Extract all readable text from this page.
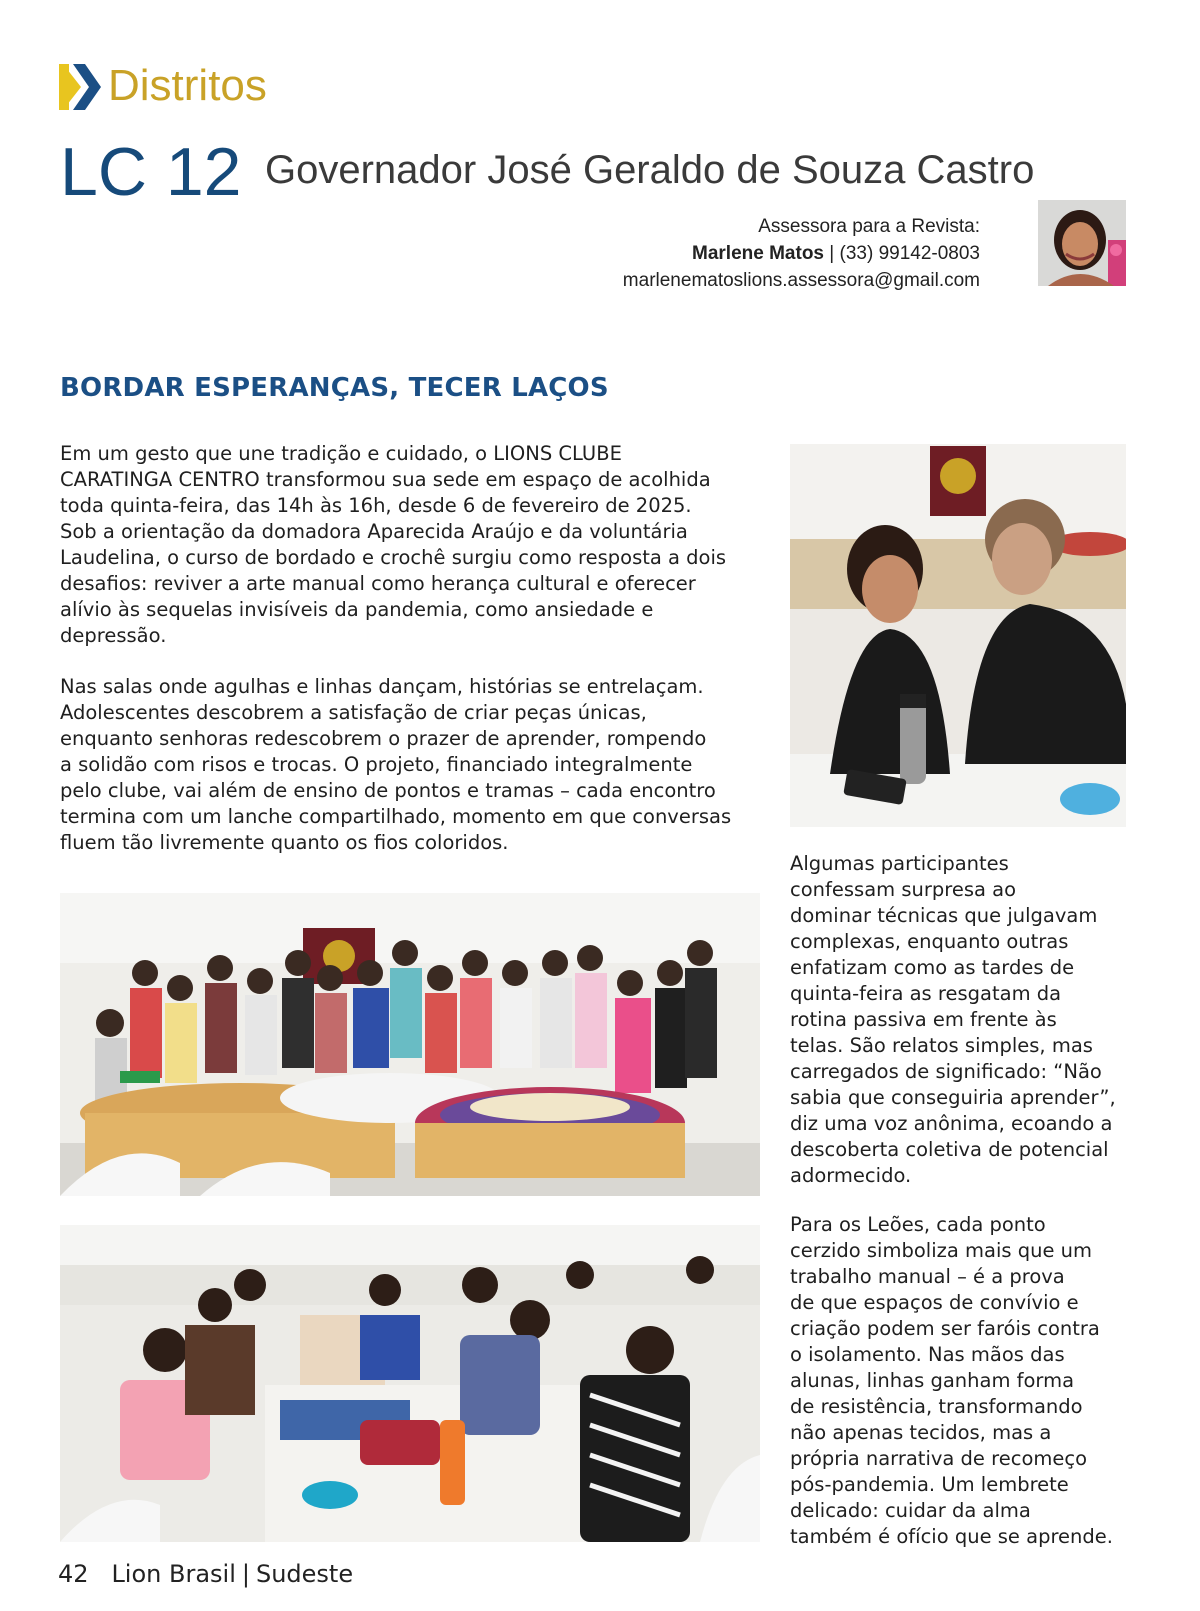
Distritos
LC 12 Governador José Geraldo de Souza Castro
Assessora para a Revista:
Marlene Matos | (33) 99142-0803
marlenematoslions.assessora@gmail.com
BORDAR ESPERANÇAS, TECER LAÇOS
Em um gesto que une tradição e cuidado, o LIONS CLUBE
CARATINGA CENTRO transformou sua sede em espaço de acolhida
toda quinta-feira, das 14h às 16h, desde 6 de fevereiro de 2025.
Sob a orientação da domadora Aparecida Araújo e da voluntária
Laudelina, o curso de bordado e crochê surgiu como resposta a dois
desafios: reviver a arte manual como herança cultural e oferecer
alívio às sequelas invisíveis da pandemia, como ansiedade e
depressão.
Nas salas onde agulhas e linhas dançam, histórias se entrelaçam.
Adolescentes descobrem a satisfação de criar peças únicas,
enquanto senhoras redescobrem o prazer de aprender, rompendo
a solidão com risos e trocas. O projeto, financiado integralmente
pelo clube, vai além de ensino de pontos e tramas – cada encontro
termina com um lanche compartilhado, momento em que conversas
fluem tão livremente quanto os fios coloridos.
Algumas participantes
confessam surpresa ao
dominar técnicas que julgavam
complexas, enquanto outras
enfatizam como as tardes de
quinta-feira as resgatam da
rotina passiva em frente às
telas. São relatos simples, mas
carregados de significado: “Não
sabia que conseguiria aprender”,
diz uma voz anônima, ecoando a
descoberta coletiva de potencial
adormecido.
Para os Leões, cada ponto
cerzido simboliza mais que um
trabalho manual – é a prova
de que espaços de convívio e
criação podem ser faróis contra
o isolamento. Nas mãos das
alunas, linhas ganham forma
de resistência, transformando
não apenas tecidos, mas a
própria narrativa de recomeço
pós-pandemia. Um lembrete
delicado: cuidar da alma
também é ofício que se aprende.
42 Lion Brasil | Sudeste
